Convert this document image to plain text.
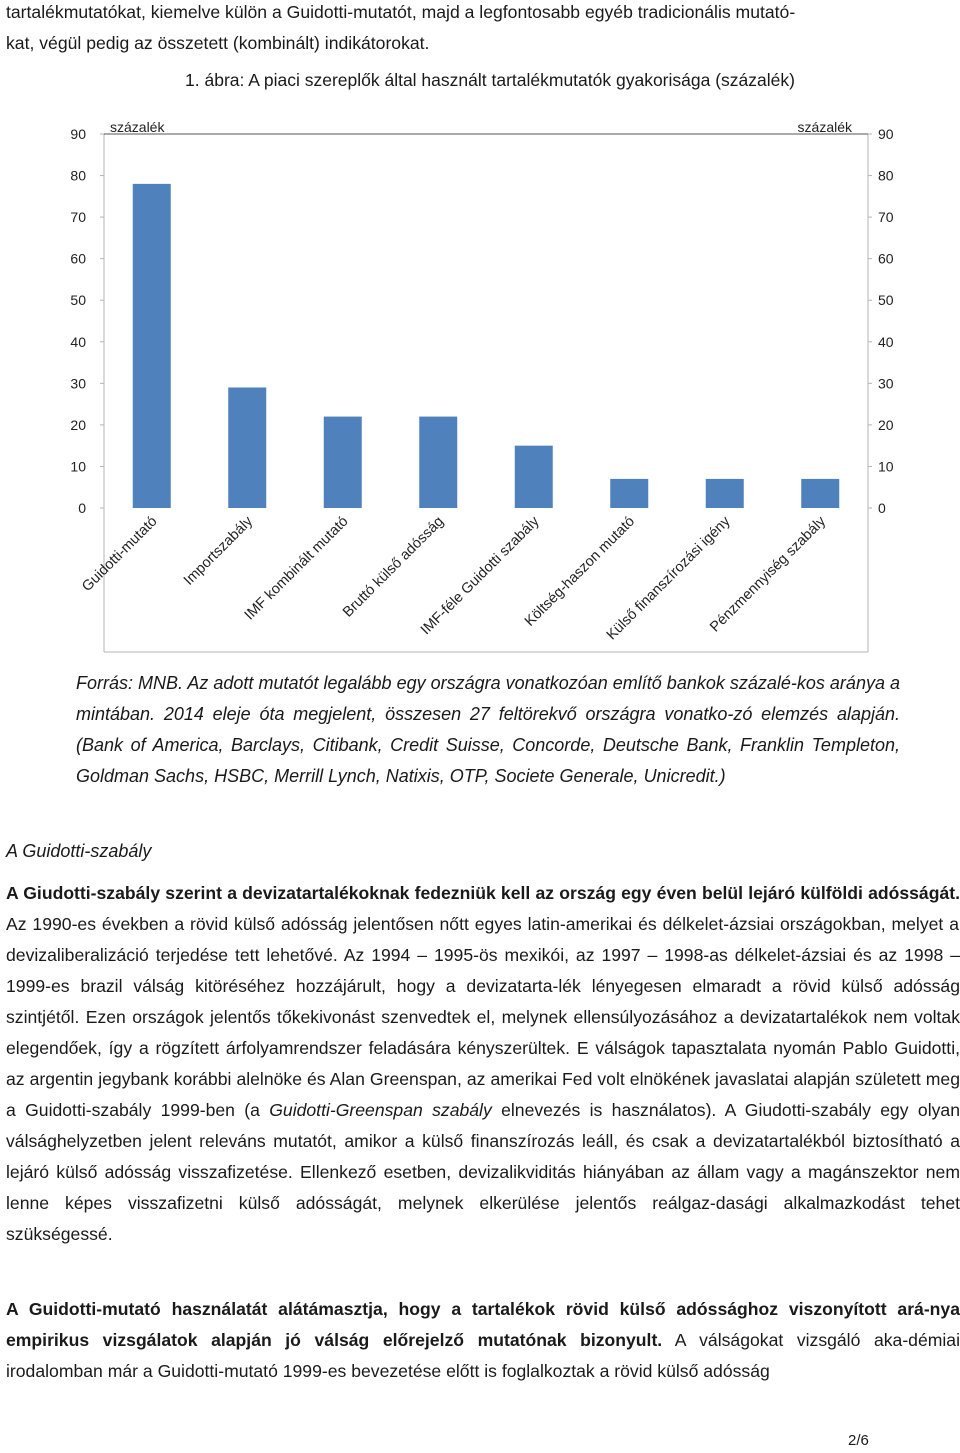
tartalékmutatókat, kiemelve külön a Guidotti-mutatót, majd a legfontosabb egyéb tradicionális mutató-
kat, végül pedig az összetett (kombinált) indikátorokat.

1. ábra: A piaci szereplők által használt tartalékmutatók gyakorisága (százalék)
0
10
20
30
40
50
60
70
80
90
0
10
20
30
40
50
60
70
80
90
Guidotti-mutató Importszabály
IMF kombinált mutató
Bruttó külső adósság
IMF-féle Guidotti szabály
Költség-haszon mutató
Külső finanszírozási igény
Pénzmennyiség szabály
százalék	százalék

Forrás: MNB. Az adott mutatót legalább egy országra vonatkozóan említő bankok százalé-kos aránya a mintában. 2014 eleje óta megjelent, összesen 27 feltörekvő országra vonatko-zó elemzés alapján. (Bank of America, Barclays, Citibank, Credit Suisse, Concorde, Deutsche Bank, Franklin Templeton, Goldman Sachs, HSBC, Merrill Lynch, Natixis, OTP, Societe Generale, Unicredit.)

A Guidotti-szabály

A Giudotti-szabály szerint a devizatartalékoknak fedezniük kell az ország egy éven belül lejáró külföldi adósságát. Az 1990-es években a rövid külső adósság jelentősen nőtt egyes latin-amerikai és délkelet-ázsiai országokban, melyet a devizaliberalizáció terjedése tett lehetővé. Az 1994 – 1995-ös mexikói, az 1997 – 1998-as délkelet-ázsiai és az 1998 – 1999-es brazil válság kitöréséhez hozzájárult, hogy a devizatarta-lék lényegesen elmaradt a rövid külső adósság szintjétől. Ezen országok jelentős tőkekivonást szenvedtek el, melynek ellensúlyozásához a devizatartalékok nem voltak elegendőek, így a rögzített árfolyamrendszer feladására kényszerültek. E válságok tapasztalata nyomán Pablo Guidotti, az argentin jegybank korábbi alelnöke és Alan Greenspan, az amerikai Fed volt elnökének javaslatai alapján született meg a Guidotti-szabály 1999-ben (a Guidotti-Greenspan szabály elnevezés is használatos). A Giudotti-szabály egy olyan válsághelyzetben jelent releváns mutatót, amikor a külső finanszírozás leáll, és csak a devizatartalékból biztosítható a lejáró külső adósság visszafizetése. Ellenkező esetben, devizalikviditás hiányában az állam vagy a magánszektor nem lenne képes visszafizetni külső adósságát, melynek elkerülése jelentős reálgaz-dasági alkalmazkodást tehet szükségessé.

A Guidotti-mutató használatát alátámasztja, hogy a tartalékok rövid külső adóssághoz viszonyított ará-nya empirikus vizsgálatok alapján jó válság előrejelző mutatónak bizonyult. A válságokat vizsgáló aka-démiai irodalomban már a Guidotti-mutató 1999-es bevezetése előtt is foglalkoztak a rövid külső adósság

2/6
